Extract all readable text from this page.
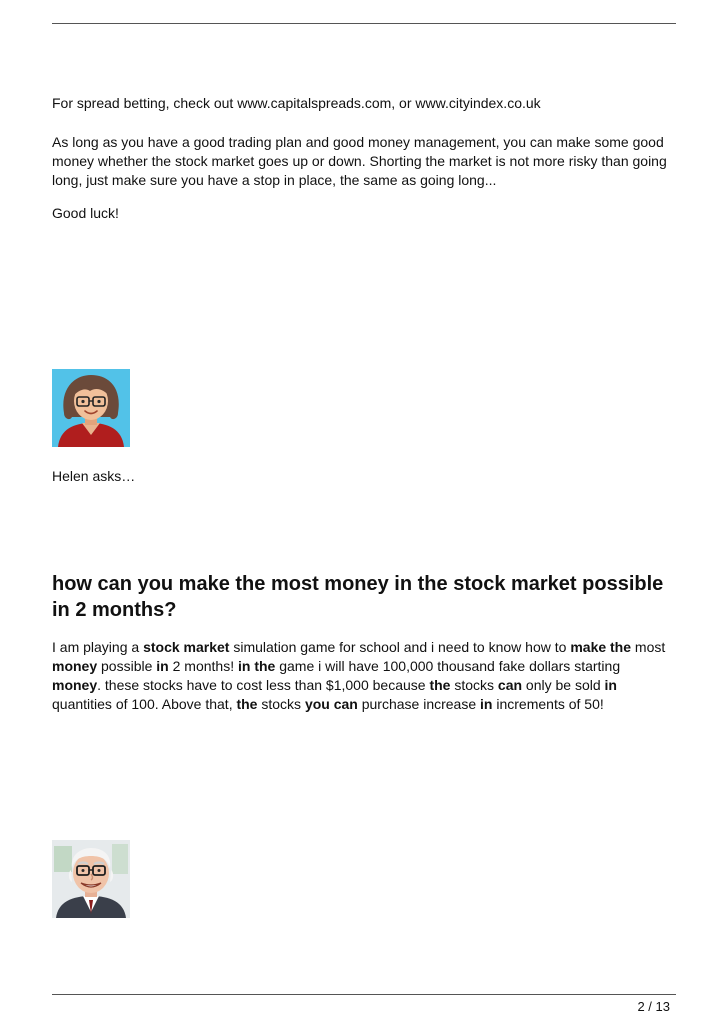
For spread betting, check out www.capitalspreads.com, or www.cityindex.co.uk

As long as you have a good trading plan and good money management, you can make some good money whether the stock market goes up or down. Shorting the market is not more risky than going long, just make sure you have a stop in place, the same as going long...

Good luck!

Helen asks…

how can you make the most money in the stock market possible in 2 months?

I am playing a stock market simulation game for school and i need to know how to make the most money possible in 2 months! in the game i will have 100,000 thousand fake dollars starting money. these stocks have to cost less than $1,000 because the stocks can only be sold in quantities of 100. Above that, the stocks you can purchase increase in increments of 50!

2 / 13
